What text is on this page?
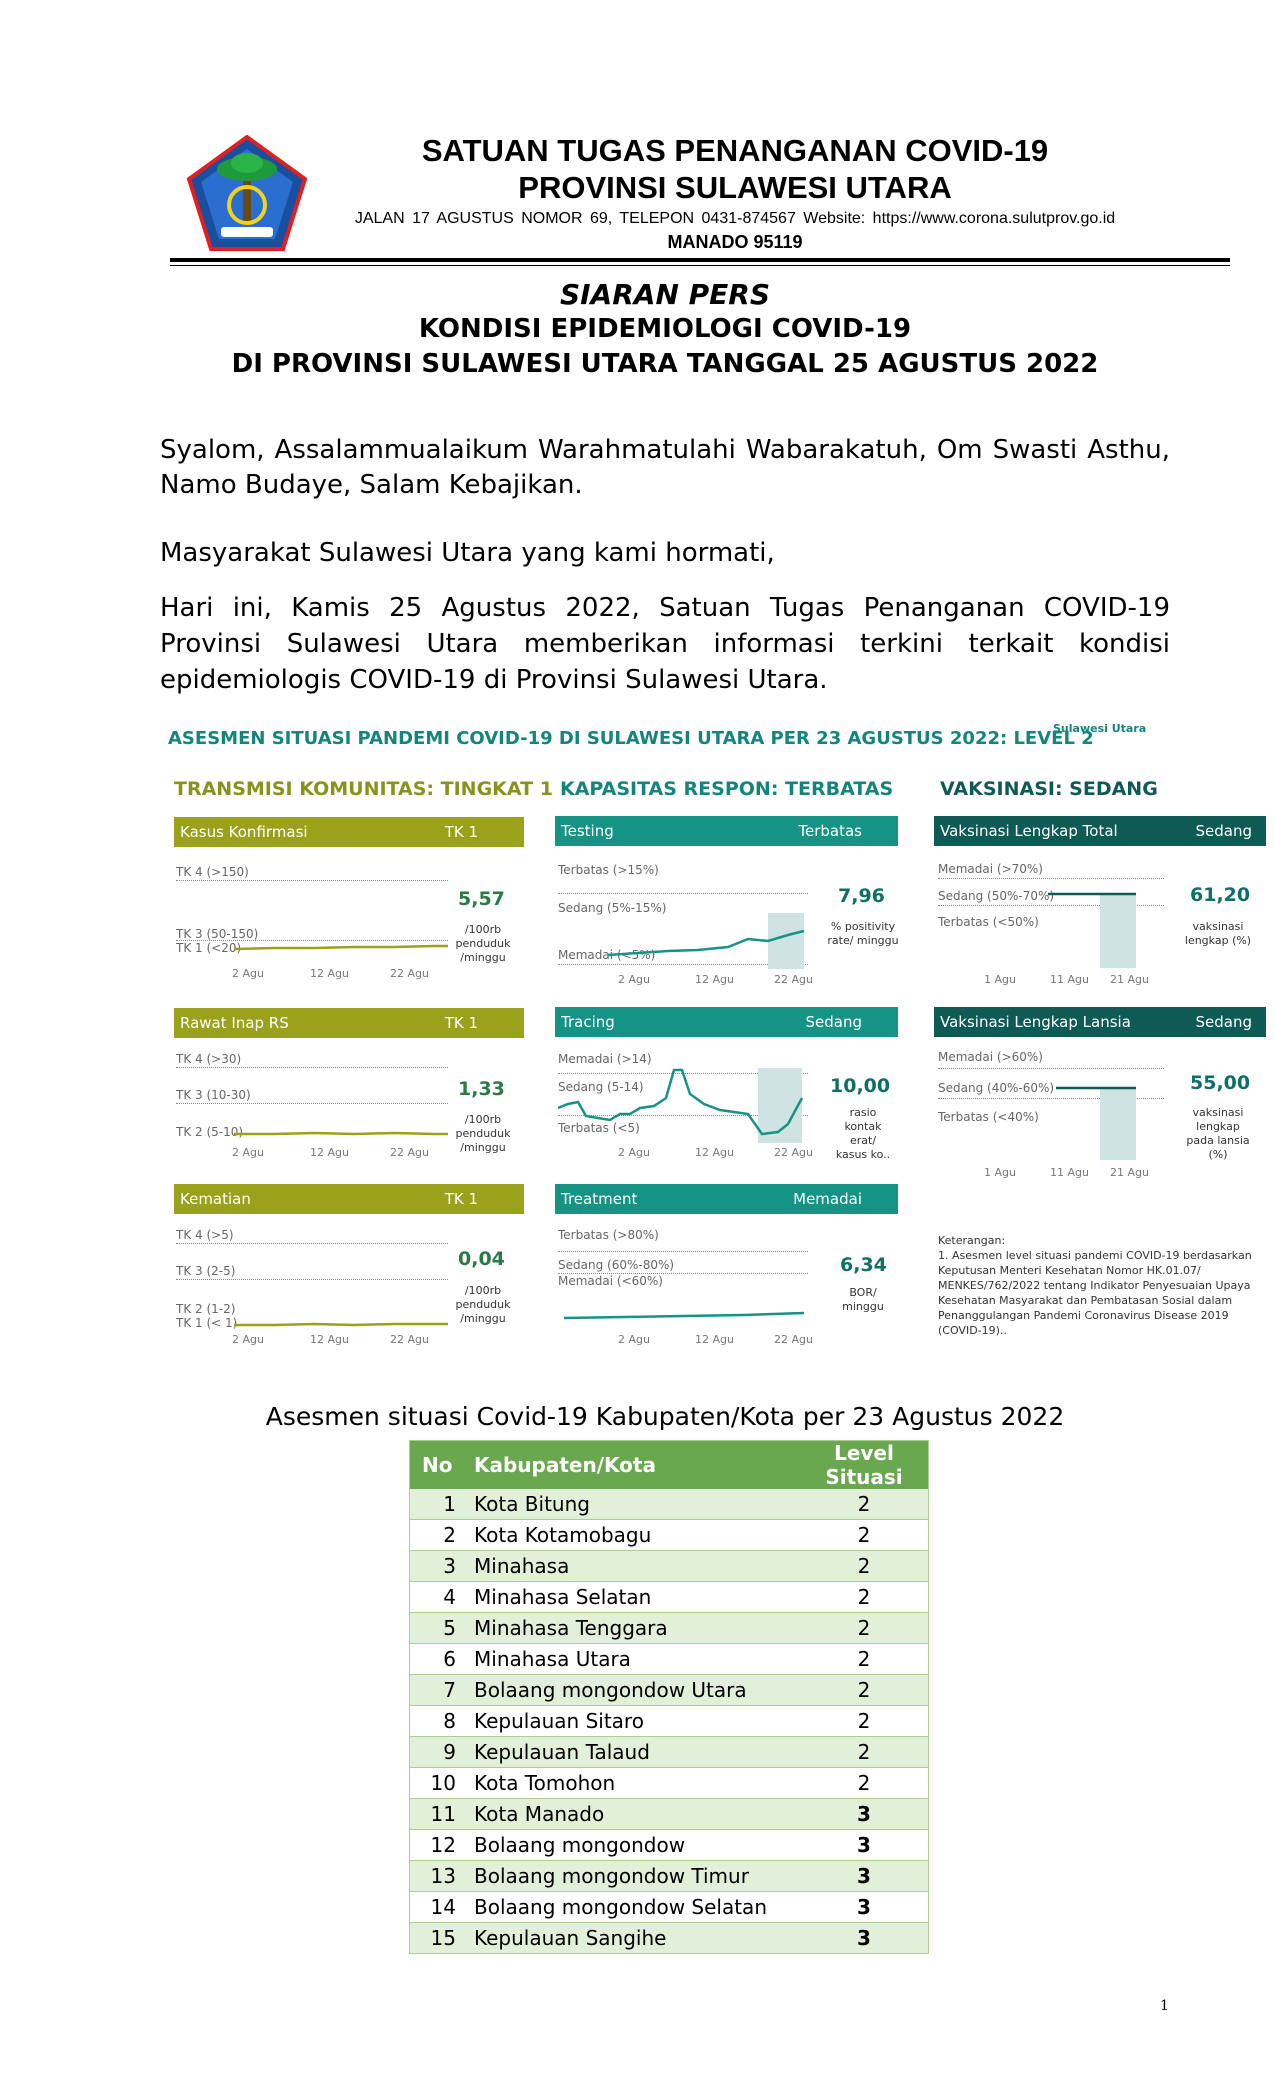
SATUAN TUGAS PENANGANAN COVID-19
PROVINSI SULAWESI UTARA
JALAN 17 AGUSTUS NOMOR 69, TELEPON 0431-874567 Website: https://www.corona.sulutprov.go.id
MANADO 95119
SIARAN PERS
KONDISI EPIDEMIOLOGI COVID-19
DI PROVINSI SULAWESI UTARA TANGGAL 25 AGUSTUS 2022
Syalom, Assalammualaikum Warahmatulahi Wabarakatuh, Om Swasti Asthu, Namo Budaye, Salam Kebajikan.
Masyarakat Sulawesi Utara yang kami hormati,
Hari ini, Kamis 25 Agustus 2022, Satuan Tugas Penanganan COVID-19 Provinsi Sulawesi Utara memberikan informasi terkini terkait kondisi epidemiologis COVID-19 di Provinsi Sulawesi Utara.
ASESMEN SITUASI PANDEMI COVID-19 DI SULAWESI UTARA PER 23 AGUSTUS 2022: LEVEL 2
Sulawesi Utara
TRANSMISI KOMUNITAS: TINGKAT 1 KAPASITAS RESPON: TERBATAS VAKSINASI: SEDANG
Kasus Konfirmasi	TK 1
TK 4 (>150)
TK 3 (50-150)
TK 1 (<20)
5,57
/100rb
penduduk
/minggu
2 Agu	12 Agu	22 Agu
Rawat Inap RS	TK 1
TK 4 (>30)
TK 3 (10-30)
TK 2 (5-10)
1,33
/100rb
penduduk
/minggu
2 Agu	12 Agu	22 Agu
Kematian	TK 1
TK 4 (>5)
TK 3 (2-5)
TK 2 (1-2)
TK 1 (< 1)
0,04
/100rb
penduduk
/minggu
2 Agu	12 Agu	22 Agu
Testing	Terbatas
Terbatas (>15%)
Sedang (5%-15%)
Memadai (<5%)
7,96
% positivity
rate/ minggu
2 Agu	12 Agu	22 Agu
Tracing	Sedang
Memadai (>14)
Sedang (5-14)
Terbatas (<5)
10,00
rasio
kontak
erat/
kasus ko..
2 Agu	12 Agu	22 Agu
Treatment	Memadai
Terbatas (>80%)
Sedang (60%-80%)
Memadai (<60%)
6,34
BOR/
minggu
2 Agu	12 Agu	22 Agu
Vaksinasi Lengkap Total	Sedang
Memadai (>70%)
Sedang (50%-70%)
Terbatas (<50%)
61,20
vaksinasi
lengkap (%)
1 Agu	11 Agu 21 Agu
Vaksinasi Lengkap Lansia	Sedang
Memadai (>60%)
Sedang (40%-60%)
Terbatas (<40%)
55,00
vaksinasi
lengkap
pada lansia
(%)
1 Agu	11 Agu 21 Agu
Keterangan:
1. Asesmen level situasi pandemi COVID-19 berdasarkan Keputusan Menteri Kesehatan Nomor HK.01.07/ MENKES/762/2022 tentang Indikator Penyesuaian Upaya Kesehatan Masyarakat dan Pembatasan Sosial dalam Penanggulangan Pandemi Coronavirus Disease 2019 (COVID-19)..
Asesmen situasi Covid-19 Kabupaten/Kota per 23 Agustus 2022
No	Kabupaten/Kota	Level Situasi
1	Kota Bitung	2
2	Kota Kotamobagu	2
3	Minahasa	2
4	Minahasa Selatan	2
5	Minahasa Tenggara	2
6	Minahasa Utara	2
7	Bolaang mongondow Utara	2
8	Kepulauan Sitaro	2
9	Kepulauan Talaud	2
10	Kota Tomohon	2
11	Kota Manado	3
12	Bolaang mongondow	3
13	Bolaang mongondow Timur	3
14	Bolaang mongondow Selatan	3
15	Kepulauan Sangihe	3
1
